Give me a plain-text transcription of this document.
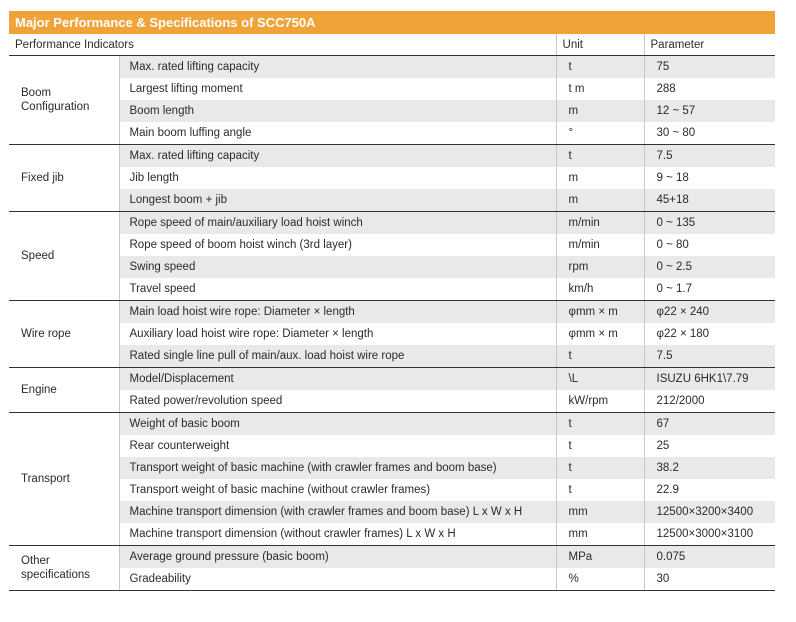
Major Performance & Specifications of SCC750A
Performance Indicators		Unit	Parameter
Boom Configuration	Max. rated lifting capacity	t	75
	Largest lifting moment	t m	288
	Boom length	m	12 ~ 57
	Main boom luffing angle	°	30 ~ 80
Fixed jib	Max. rated lifting capacity	t	7.5
	Jib length	m	9 ~ 18
	Longest boom + jib	m	45+18
Speed	Rope speed of main/auxiliary load hoist winch	m/min	0 ~ 135
	Rope speed of boom hoist winch (3rd layer)	m/min	0 ~ 80
	Swing speed	rpm	0 ~ 2.5
	Travel speed	km/h	0 ~ 1.7
Wire rope	Main load hoist wire rope: Diameter × length	φmm × m	φ22 × 240
	Auxiliary load hoist wire rope: Diameter × length	φmm × m	φ22 × 180
	Rated single line pull of main/aux. load hoist wire rope	t	7.5
Engine	Model/Displacement	\L	ISUZU 6HK1\7.79
	Rated power/revolution speed	kW/rpm	212/2000
Transport	Weight of basic boom	t	67
	Rear counterweight	t	25
	Transport weight of basic machine (with crawler frames and boom base)	t	38.2
	Transport weight of basic machine (without crawler frames)	t	22.9
	Machine transport dimension (with crawler frames and boom base) L x W x H	mm	12500×3200×3400
	Machine transport dimension (without crawler frames) L x W x H	mm	12500×3000×3100
Other specifications	Average ground pressure (basic boom)	MPa	0.075
	Gradeability	%	30
